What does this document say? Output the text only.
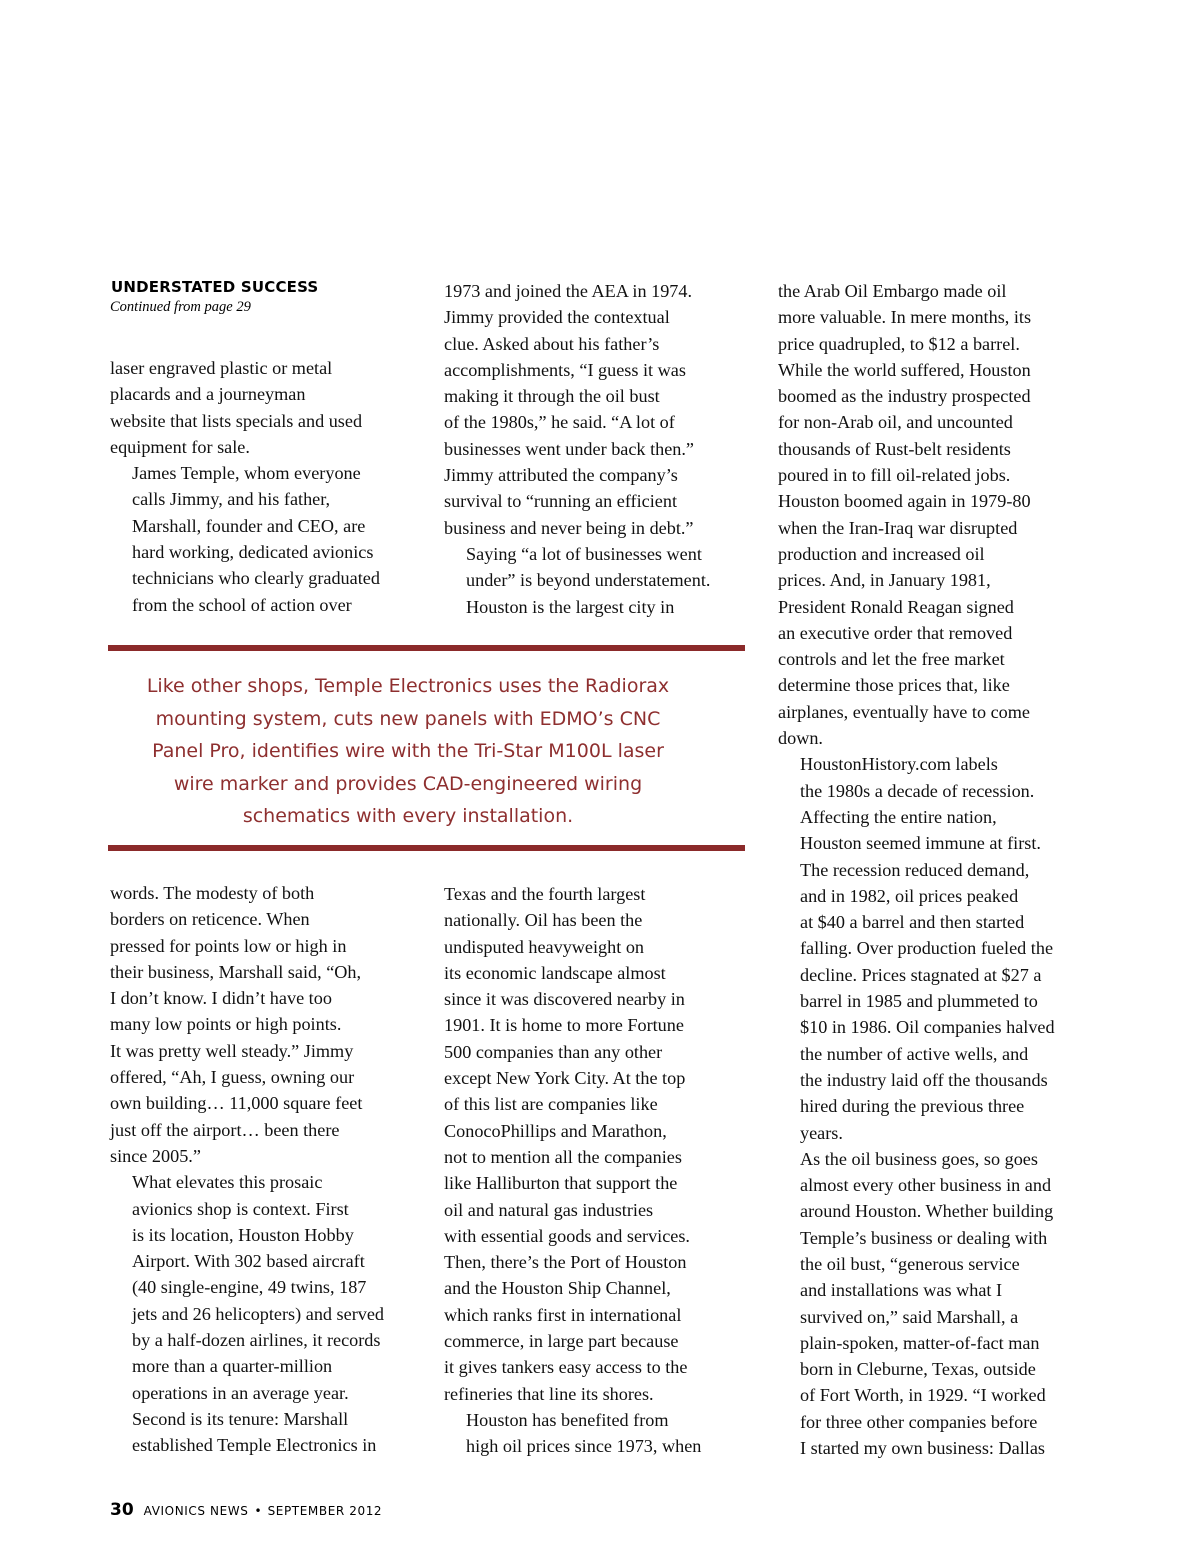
UNDERSTATED SUCCESS
Continued from page 29

laser engraved plastic or metal
placards and a journeyman
website that lists specials and used
equipment for sale.

James Temple, whom everyone
calls Jimmy, and his father,
Marshall, founder and CEO, are
hard working, dedicated avionics
technicians who clearly graduated
from the school of action over

1973 and joined the AEA in 1974.
Jimmy provided the contextual
clue. Asked about his father’s
accomplishments, “I guess it was
making it through the oil bust
of the 1980s,” he said. “A lot of
businesses went under back then.”
Jimmy attributed the company’s
survival to “running an efficient
business and never being in debt.”

Saying “a lot of businesses went
under” is beyond understatement.
Houston is the largest city in

the Arab Oil Embargo made oil
more valuable. In mere months, its
price quadrupled, to $12 a barrel.
While the world suffered, Houston
boomed as the industry prospected
for non-Arab oil, and uncounted
thousands of Rust-belt residents
poured in to fill oil-related jobs.
Houston boomed again in 1979-80
when the Iran-Iraq war disrupted
production and increased oil
prices. And, in January 1981,
President Ronald Reagan signed
an executive order that removed
controls and let the free market
determine those prices that, like
airplanes, eventually have to come
down.

HoustonHistory.com labels
the 1980s a decade of recession.
Affecting the entire nation,
Houston seemed immune at first.
The recession reduced demand,
and in 1982, oil prices peaked
at $40 a barrel and then started
falling. Over production fueled the
decline. Prices stagnated at $27 a
barrel in 1985 and plummeted to
$10 in 1986. Oil companies halved
the number of active wells, and
the industry laid off the thousands
hired during the previous three
years.

As the oil business goes, so goes
almost every other business in and
around Houston. Whether building
Temple’s business or dealing with
the oil bust, “generous service
and installations was what I
survived on,” said Marshall, a
plain-spoken, matter-of-fact man
born in Cleburne, Texas, outside
of Fort Worth, in 1929. “I worked
for three other companies before
I started my own business: Dallas

Like other shops, Temple Electronics uses the Radiorax
mounting system, cuts new panels with EDMO’s CNC
Panel Pro, identifies wire with the Tri-Star M100L laser
wire marker and provides CAD-engineered wiring
schematics with every installation.

words. The modesty of both
borders on reticence. When
pressed for points low or high in
their business, Marshall said, “Oh,
I don’t know. I didn’t have too
many low points or high points.
It was pretty well steady.” Jimmy
offered, “Ah, I guess, owning our
own building… 11,000 square feet
just off the airport… been there
since 2005.”

What elevates this prosaic
avionics shop is context. First
is its location, Houston Hobby
Airport. With 302 based aircraft
(40 single-engine, 49 twins, 187
jets and 26 helicopters) and served
by a half-dozen airlines, it records
more than a quarter-million
operations in an average year.
Second is its tenure: Marshall
established Temple Electronics in

Texas and the fourth largest
nationally. Oil has been the
undisputed heavyweight on
its economic landscape almost
since it was discovered nearby in
1901. It is home to more Fortune
500 companies than any other
except New York City. At the top
of this list are companies like
ConocoPhillips and Marathon,
not to mention all the companies
like Halliburton that support the
oil and natural gas industries
with essential goods and services.
Then, there’s the Port of Houston
and the Houston Ship Channel,
which ranks first in international
commerce, in large part because
it gives tankers easy access to the
refineries that line its shores.

Houston has benefited from
high oil prices since 1973, when

30 AVIONICS NEWS • SEPTEMBER 2012
